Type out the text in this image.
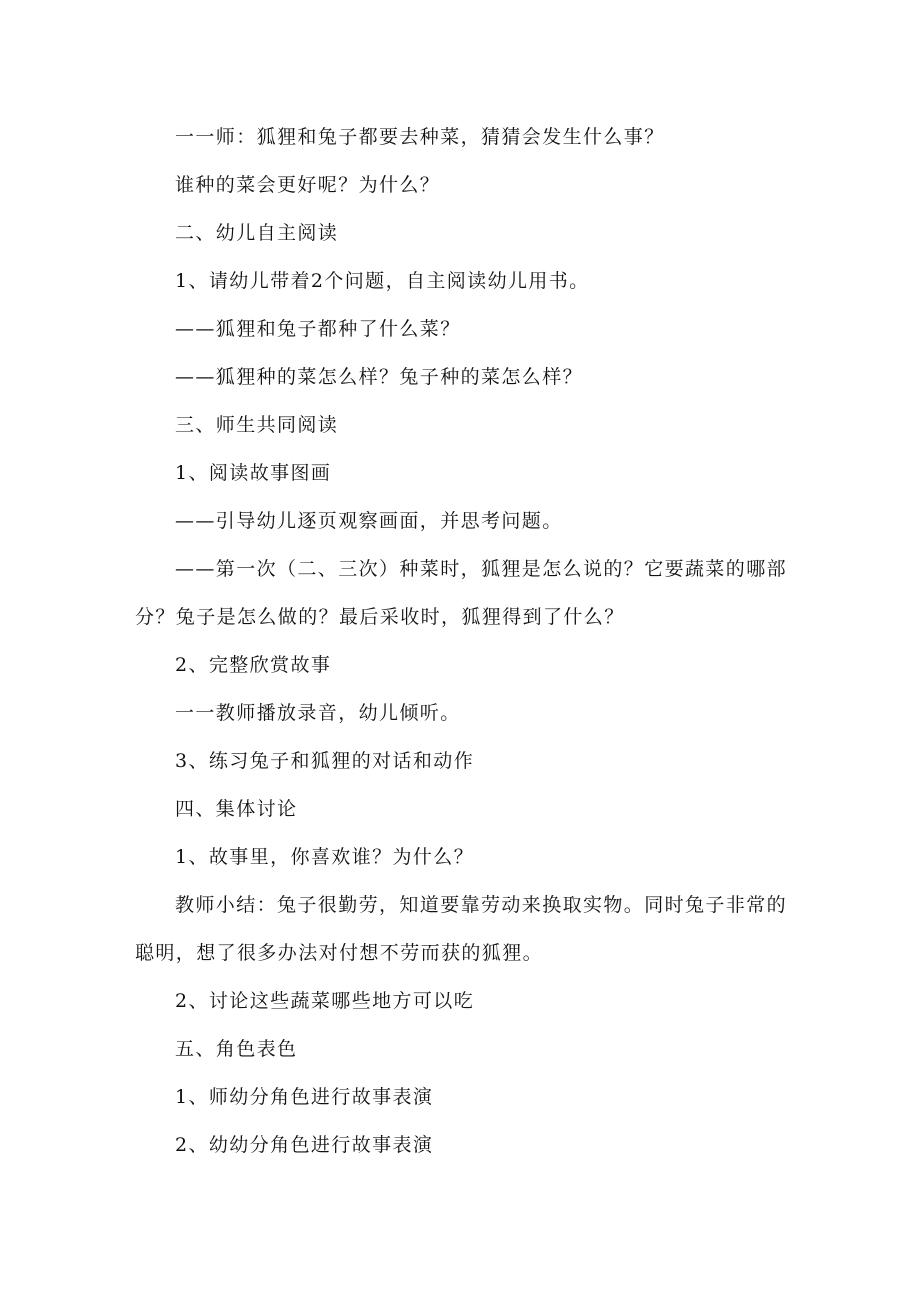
一一师：狐狸和兔子都要去种菜，猜猜会发生什么事？
谁种的菜会更好呢？为什么？
二、幼儿自主阅读
1、请幼儿带着2个问题，自主阅读幼儿用书。
——狐狸和兔子都种了什么菜？
——狐狸种的菜怎么样？兔子种的菜怎么样？
三、师生共同阅读
1、阅读故事图画
——引导幼儿逐页观察画面，并思考问题。
——第一次（二、三次）种菜时，狐狸是怎么说的？它要蔬菜的哪部
分？兔子是怎么做的？最后采收时，狐狸得到了什么？
2、完整欣赏故事
一一教师播放录音，幼儿倾听。
3、练习兔子和狐狸的对话和动作
四、集体讨论
1、故事里，你喜欢谁？为什么？
教师小结：兔子很勤劳，知道要靠劳动来换取实物。同时兔子非常的
聪明，想了很多办法对付想不劳而获的狐狸。
2、讨论这些蔬菜哪些地方可以吃
五、角色表色
1、师幼分角色进行故事表演
2、幼幼分角色进行故事表演
